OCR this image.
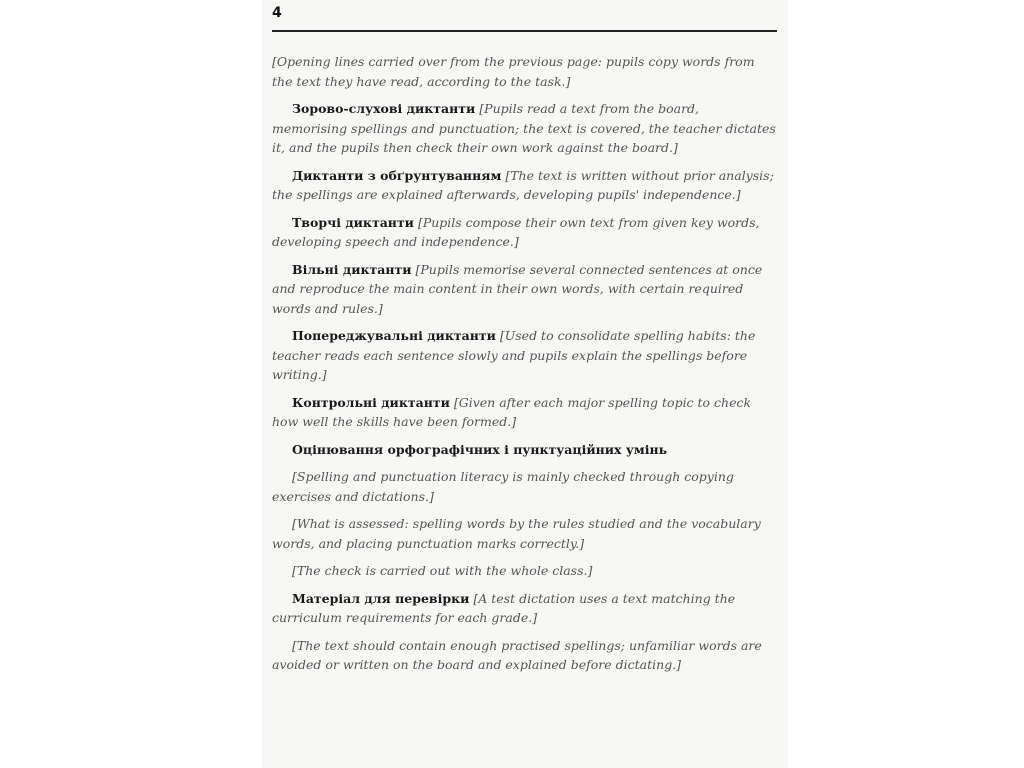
4

[Opening lines carried over from the previous page: pupils copy words from the text they have read, according to the task.]

Зорово-слухові диктанти [Pupils read a text from the board, memorising spellings and punctuation; the text is covered, the teacher dictates it, and the pupils then check their own work against the board.]

Диктанти з обґрунтуванням [The text is written without prior analysis; the spellings are explained afterwards, developing pupils' independence.]

Творчі диктанти [Pupils compose their own text from given key words, developing speech and independence.]

Вільні диктанти [Pupils memorise several connected sentences at once and reproduce the main content in their own words, with certain required words and rules.]

Попереджувальні диктанти [Used to consolidate spelling habits: the teacher reads each sentence slowly and pupils explain the spellings before writing.]

Контрольні диктанти [Given after each major spelling topic to check how well the skills have been formed.]

Оцінювання орфографічних і пунктуаційних умінь

[Spelling and punctuation literacy is mainly checked through copying exercises and dictations.]

[What is assessed: spelling words by the rules studied and the vocabulary words, and placing punctuation marks correctly.]

[The check is carried out with the whole class.]

Матеріал для перевірки [A test dictation uses a text matching the curriculum requirements for each grade.]

[The text should contain enough practised spellings; unfamiliar words are avoided or written on the board and explained before dictating.]
